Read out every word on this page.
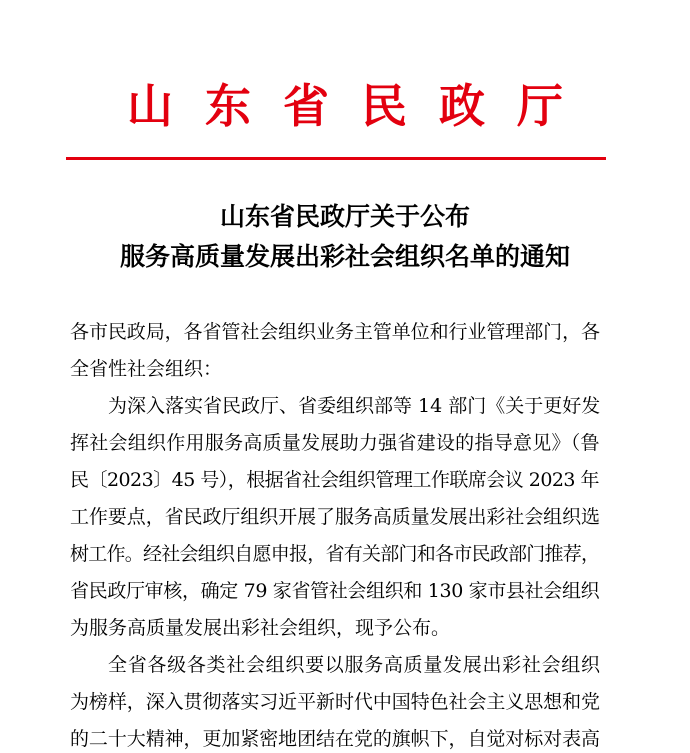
山东省民政厅
山东省民政厅关于公布
服务高质量发展出彩社会组织名单的通知
各市民政局，各省管社会组织业务主管单位和行业管理部门，各
全省性社会组织：
为深入落实省民政厅、省委组织部等 14 部门《关于更好发
挥社会组织作用服务高质量发展助力强省建设的指导意见》（鲁
民〔2023〕45 号），根据省社会组织管理工作联席会议 2023 年
工作要点，省民政厅组织开展了服务高质量发展出彩社会组织选
树工作。经社会组织自愿申报，省有关部门和各市民政部门推荐，
省民政厅审核，确定 79 家省管社会组织和 130 家市县社会组织
为服务高质量发展出彩社会组织，现予公布。
全省各级各类社会组织要以服务高质量发展出彩社会组织
为榜样，深入贯彻落实习近平新时代中国特色社会主义思想和党
的二十大精神，更加紧密地团结在党的旗帜下，自觉对标对表高
